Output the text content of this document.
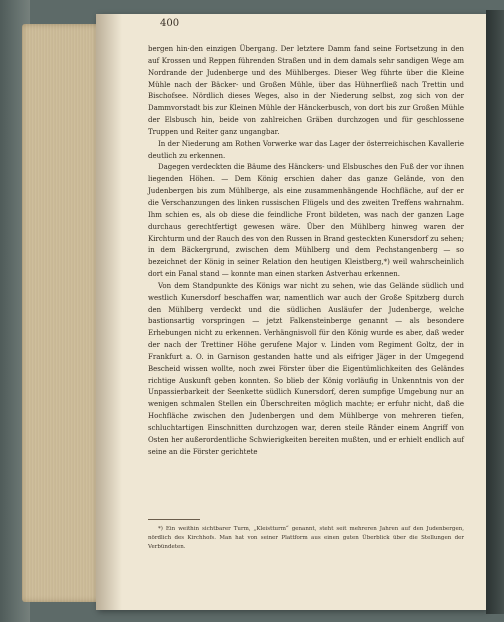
400

bergen hin·den einzigen Übergang. Der letztere Damm fand seine Fortsetzung in den auf Krossen und Reppen führenden Straßen und in dem damals sehr sandigen Wege am Nordrande der Judenberge und des Mühlberges. Dieser Weg führte über die Kleine Mühle nach der Bäcker- und Großen Mühle, über das Hühnerfließ nach Trettin und Bischofsee. Nördlich dieses Weges, also in der Niederung selbst, zog sich von der Dammvorstadt bis zur Kleinen Mühle der Hänckerbusch, von dort bis zur Großen Mühle der Elsbusch hin, beide von zahlreichen Gräben durchzogen und für geschlossene Truppen und Reiter ganz ungangbar.

In der Niederung am Rothen Vorwerke war das Lager der österreichischen Kavallerie deutlich zu erkennen.

Dagegen verdeckten die Bäume des Hänckers- und Elsbusches den Fuß der vor ihnen liegenden Höhen. — Dem König erschien daher das ganze Gelände, von den Judenbergen bis zum Mühlberge, als eine zusammenhängende Hochfläche, auf der er die Verschanzungen des linken russischen Flügels und des zweiten Treffens wahrnahm. Ihm schien es, als ob diese die feindliche Front bildeten, was nach der ganzen Lage durchaus gerechtfertigt gewesen wäre. Über den Mühlberg hinweg waren der Kirchturm und der Rauch des von den Russen in Brand gesteckten Kunersdorf zu sehen; in dem Bäckergrund, zwischen dem Mühlberg und dem Pechstangenberg — so bezeichnet der König in seiner Relation den heutigen Kleistberg,*) weil wahrscheinlich dort ein Fanal stand — konnte man einen starken Astverhau erkennen.

Von dem Standpunkte des Königs war nicht zu sehen, wie das Gelände südlich und westlich Kunersdorf beschaffen war, namentlich war auch der Große Spitzberg durch den Mühlberg verdeckt und die südlichen Ausläufer der Judenberge, welche bastionsartig vorspringen — jetzt Falkensteinberge genannt — als besondere Erhebungen nicht zu erkennen. Verhängnisvoll für den König wurde es aber, daß weder der nach der Trettiner Höhe gerufene Major v. Linden vom Regiment Goltz, der in Frankfurt a. O. in Garnison gestanden hatte und als eifriger Jäger in der Umgegend Bescheid wissen wollte, noch zwei Förster über die Eigentümlichkeiten des Geländes richtige Auskunft geben konnten. So blieb der König vorläufig in Unkenntnis von der Unpassierbarkeit der Seenkette südlich Kunersdorf, deren sumpfige Umgebung nur an wenigen schmalen Stellen ein Überschreiten möglich machte; er erfuhr nicht, daß die Hochfläche zwischen den Judenbergen und dem Mühlberge von mehreren tiefen, schluchtartigen Einschnitten durchzogen war, deren steile Ränder einem Angriff von Osten her außerordentliche Schwierigkeiten bereiten mußten, und er erhielt endlich auf seine an die Förster gerichtete

*) Ein weithin sichtbarer Turm, „Kleistturm“ genannt, steht seit mehreren Jahren auf den Judenbergen, nördlich des Kirchhofs. Man hat von seiner Plattform aus einen guten Überblick über die Stellungen der Verbündeten.
